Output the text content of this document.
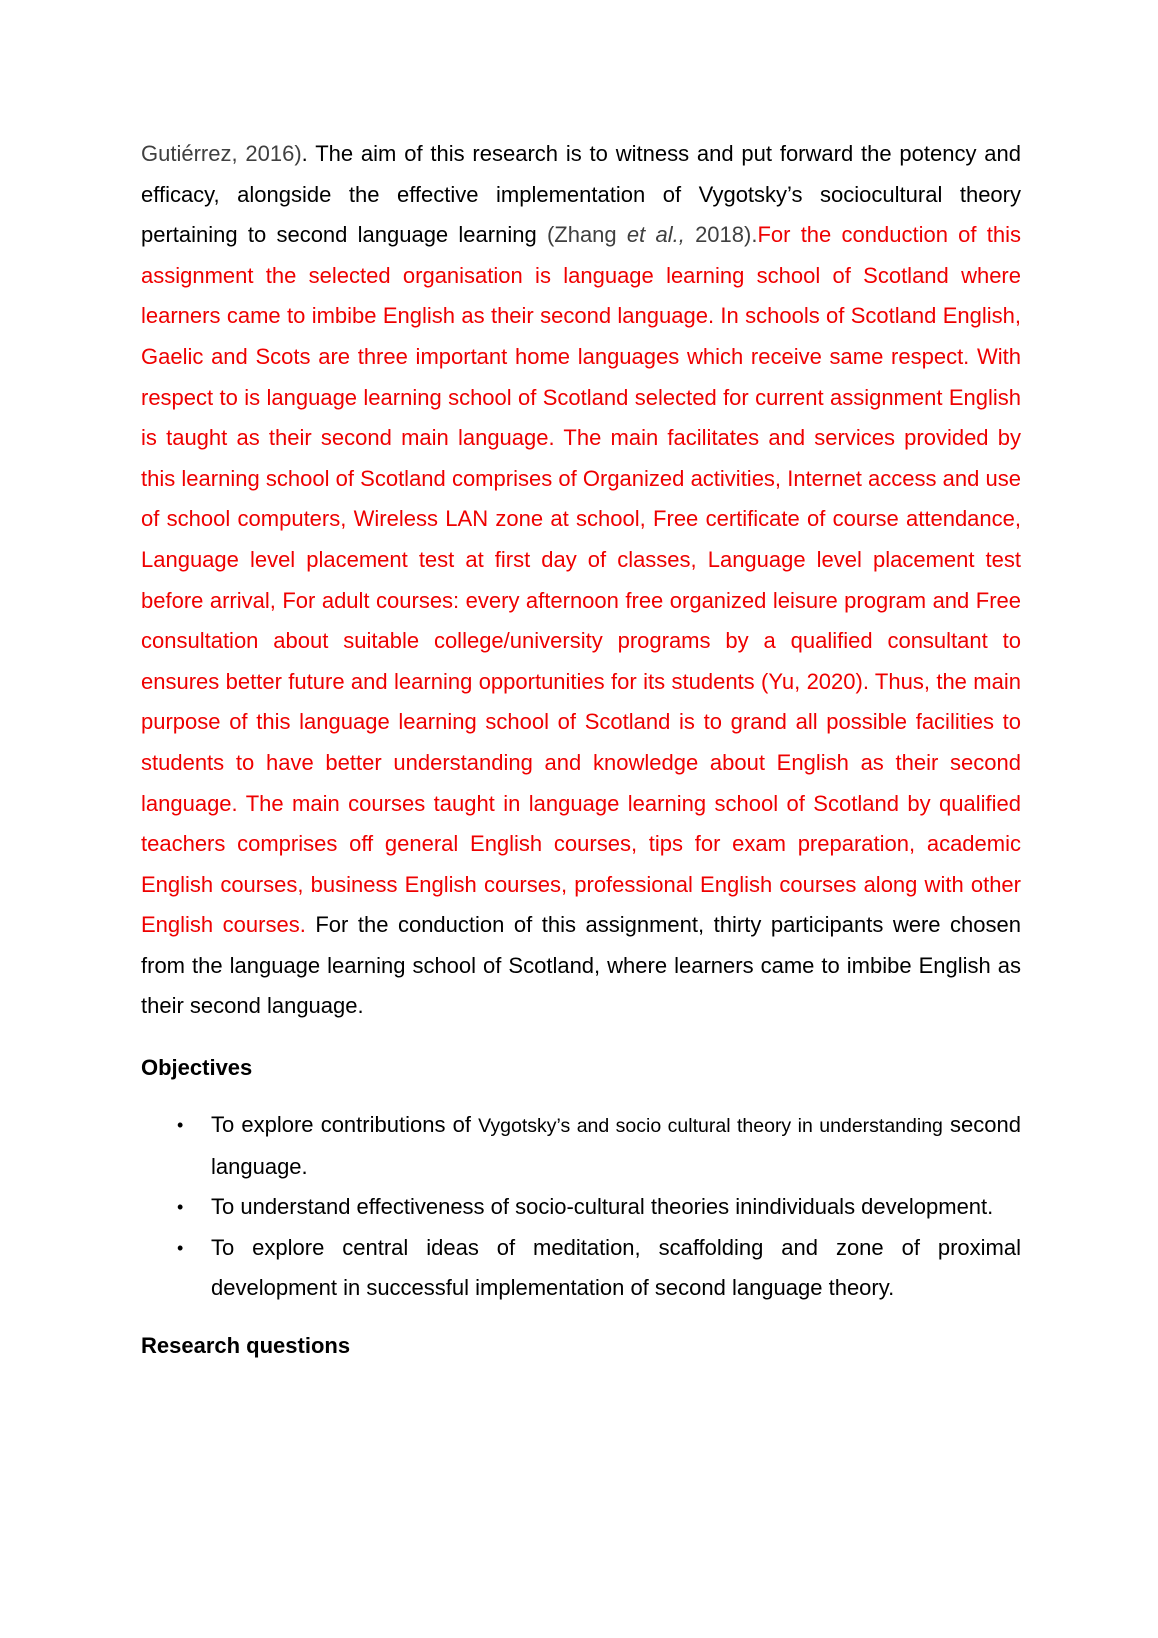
Gutiérrez, 2016). The aim of this research is to witness and put forward the potency and efficacy, alongside the effective implementation of Vygotsky’s sociocultural theory pertaining to second language learning (Zhang et al., 2018).For the conduction of this assignment the selected organisation is language learning school of Scotland where learners came to imbibe English as their second language. In schools of Scotland English, Gaelic and Scots are three important home languages which receive same respect. With respect to is language learning school of Scotland selected for current assignment English is taught as their second main language. The main facilitates and services provided by this learning school of Scotland comprises of Organized activities, Internet access and use of school computers, Wireless LAN zone at school, Free certificate of course attendance, Language level placement test at first day of classes, Language level placement test before arrival, For adult courses: every afternoon free organized leisure program and Free consultation about suitable college/university programs by a qualified consultant to ensures better future and learning opportunities for its students (Yu, 2020). Thus, the main purpose of this language learning school of Scotland is to grand all possible facilities to students to have better understanding and knowledge about English as their second language. The main courses taught in language learning school of Scotland by qualified teachers comprises off general English courses, tips for exam preparation, academic English courses, business English courses, professional English courses along with other English courses. For the conduction of this assignment, thirty participants were chosen from the language learning school of Scotland, where learners came to imbibe English as their second language.

Objectives
• To explore contributions of Vygotsky’s and socio cultural theory in understanding second language.
• To understand effectiveness of socio-cultural theories inindividuals development.
• To explore central ideas of meditation, scaffolding and zone of proximal development in successful implementation of second language theory.
Research questions
